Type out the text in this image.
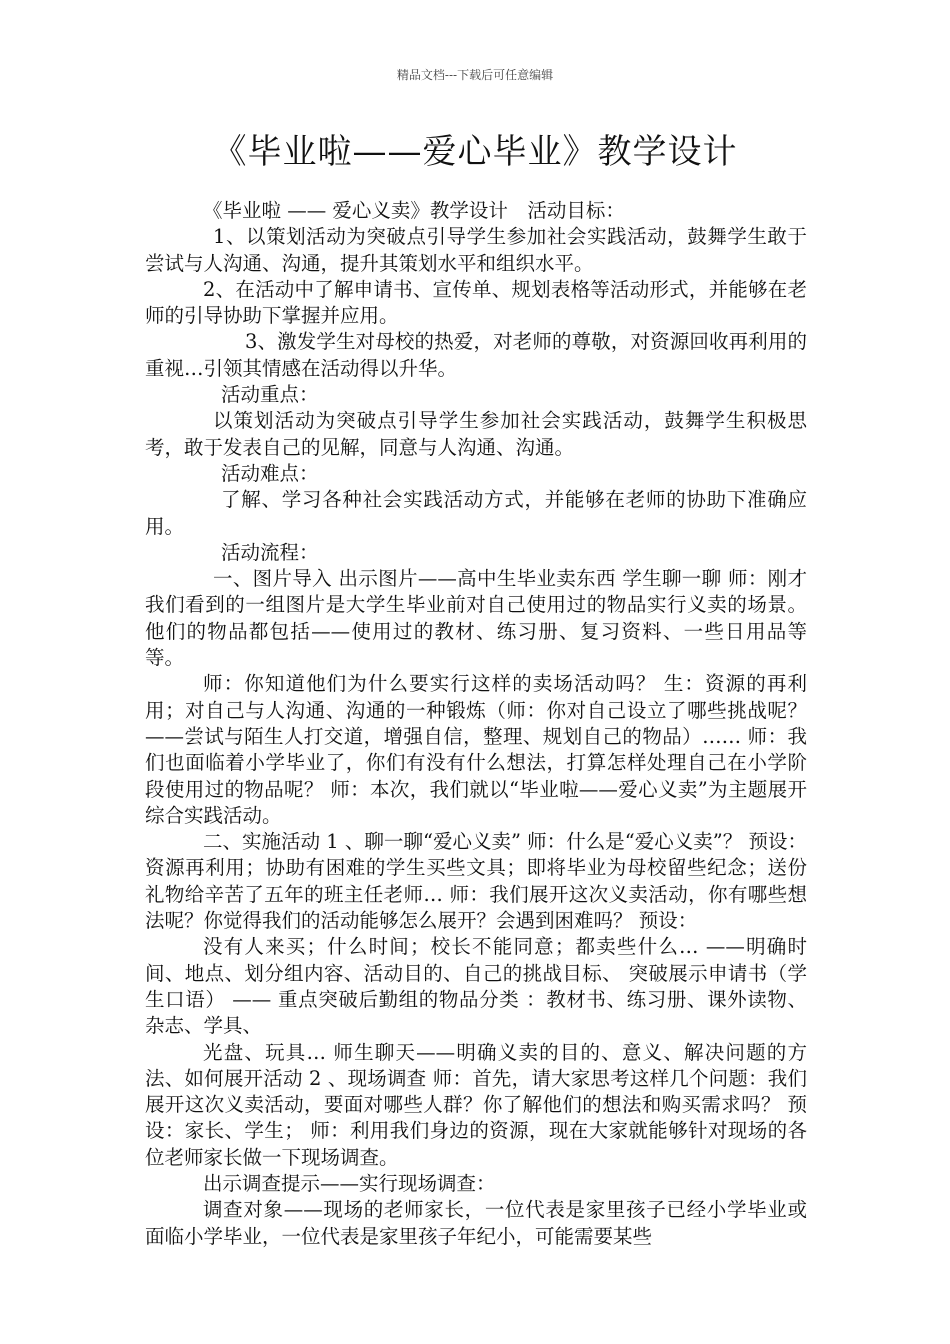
精品文档---下载后可任意编辑
《毕业啦——爱心毕业》教学设计

《毕业啦 —— 爱心义卖》教学设计　活动目标：

1、以策划活动为突破点引导学生参加社会实践活动，鼓舞学生敢于尝试与人沟通、沟通，提升其策划水平和组织水平。

2、在活动中了解申请书、宣传单、规划表格等活动形式，并能够在老师的引导协助下掌握并应用。

3、激发学生对母校的热爱，对老师的尊敬，对资源回收再利用的重视…引领其情感在活动得以升华。

活动重点：

以策划活动为突破点引导学生参加社会实践活动，鼓舞学生积极思考，敢于发表自己的见解，同意与人沟通、沟通。

活动难点：

了解、学习各种社会实践活动方式，并能够在老师的协助下准确应用。

活动流程：

一、图片导入 出示图片——高中生毕业卖东西 学生聊一聊 师：刚才我们看到的一组图片是大学生毕业前对自己使用过的物品实行义卖的场景。他们的物品都包括——使用过的教材、练习册、复习资料、一些日用品等等。

师：你知道他们为什么要实行这样的卖场活动吗？ 生：资源的再利用；对自己与人沟通、沟通的一种锻炼（师：你对自己设立了哪些挑战呢？——尝试与陌生人打交道，增强自信，整理、规划自己的物品）…… 师：我们也面临着小学毕业了，你们有没有什么想法，打算怎样处理自己在小学阶段使用过的物品呢？ 师：本次，我们就以“毕业啦——爱心义卖”为主题展开综合实践活动。

二、实施活动 1 、聊一聊“爱心义卖” 师：什么是“爱心义卖”？ 预设：资源再利用；协助有困难的学生买些文具；即将毕业为母校留些纪念；送份礼物给辛苦了五年的班主任老师… 师：我们展开这次义卖活动，你有哪些想法呢？你觉得我们的活动能够怎么展开？会遇到困难吗？ 预设：

没有人来买；什么时间；校长不能同意；都卖些什么… ——明确时间、地点、划分组内容、活动目的、自己的挑战目标、 突破展示申请书（学生口语） —— 重点突破后勤组的物品分类 ：教材书、练习册、课外读物、杂志、学具、

光盘、玩具… 师生聊天——明确义卖的目的、意义、解决问题的方法、如何展开活动 2 、现场调查 师：首先，请大家思考这样几个问题：我们展开这次义卖活动，要面对哪些人群？你了解他们的想法和购买需求吗？ 预设：家长、学生； 师：利用我们身边的资源，现在大家就能够针对现场的各位老师家长做一下现场调查。

出示调查提示——实行现场调查：

调查对象——现场的老师家长，一位代表是家里孩子已经小学毕业或面临小学毕业，一位代表是家里孩子年纪小，可能需要某些
